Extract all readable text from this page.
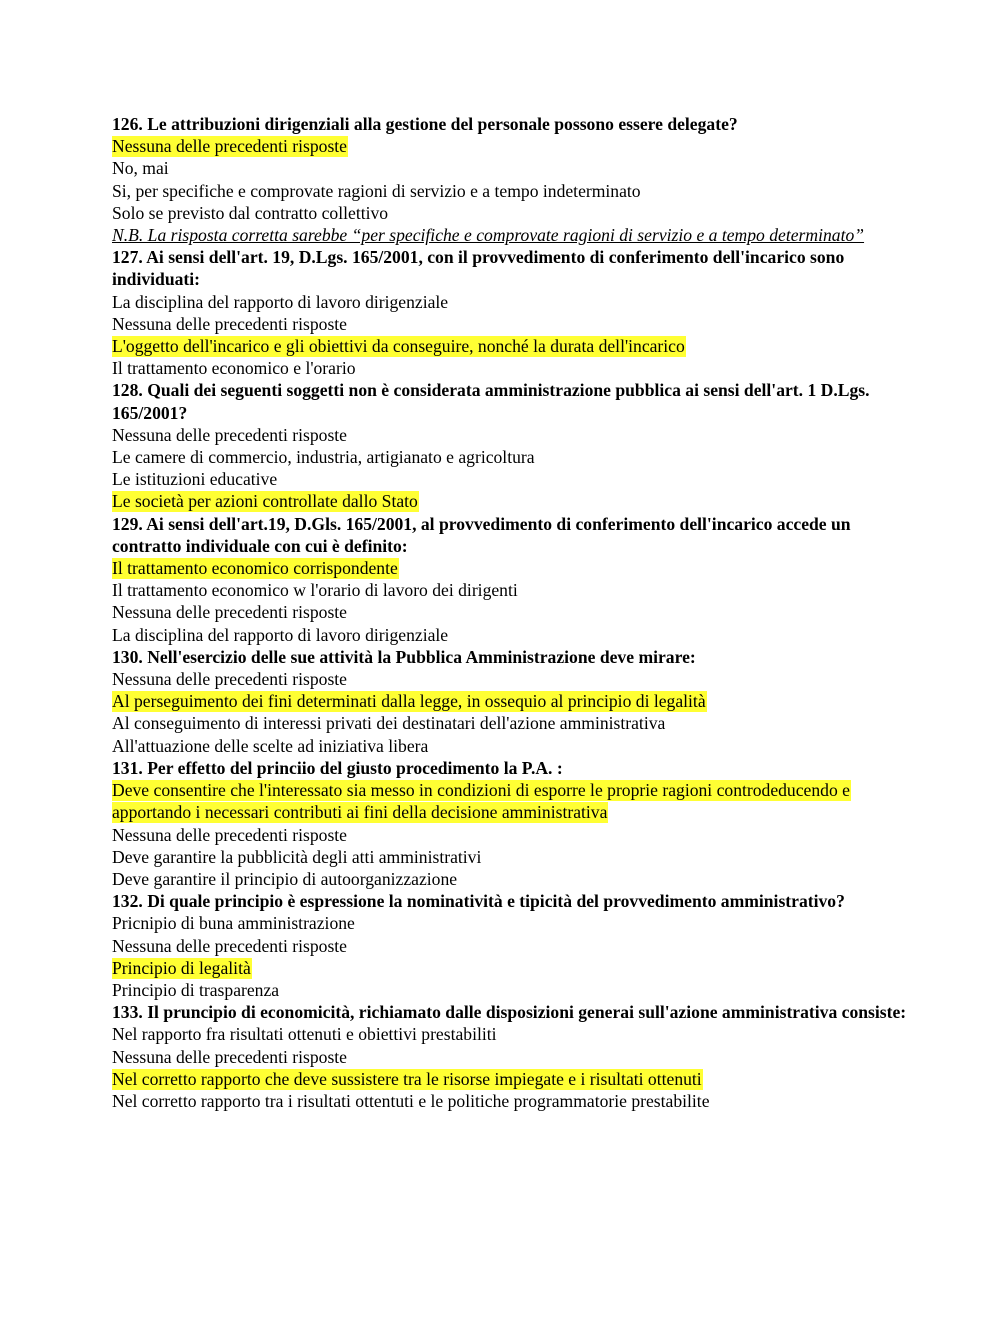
126. Le attribuzioni dirigenziali alla gestione del personale possono essere delegate?

Nessuna delle precedenti risposte

No, mai

Si, per specifiche e comprovate ragioni di servizio e a tempo indeterminato

Solo se previsto dal contratto collettivo

N.B. La risposta corretta sarebbe “per specifiche e comprovate ragioni di servizio e a tempo determinato”

127. Ai sensi dell'art. 19, D.Lgs. 165/2001, con il provvedimento di conferimento dell'incarico sono individuati:

La disciplina del rapporto di lavoro dirigenziale

Nessuna delle precedenti risposte

L'oggetto dell'incarico e gli obiettivi da conseguire, nonché la durata dell'incarico

Il trattamento economico e l'orario

128. Quali dei seguenti soggetti non è considerata amministrazione pubblica ai sensi dell'art. 1 D.Lgs. 165/2001?

Nessuna delle precedenti risposte

Le camere di commercio, industria, artigianato e agricoltura

Le istituzioni educative

Le società per azioni controllate dallo Stato

129. Ai sensi dell'art.19, D.Gls. 165/2001, al provvedimento di conferimento dell'incarico accede un contratto individuale con cui è definito:

Il trattamento economico corrispondente

Il trattamento economico w l'orario di lavoro dei dirigenti

Nessuna delle precedenti risposte

La disciplina del rapporto di lavoro dirigenziale

130. Nell'esercizio delle sue attività la Pubblica Amministrazione deve mirare:

Nessuna delle precedenti risposte

Al perseguimento dei fini determinati dalla legge, in ossequio al principio di legalità

Al conseguimento di interessi privati dei destinatari dell'azione amministrativa

All'attuazione delle scelte ad iniziativa libera

131. Per effetto del princiio del giusto procedimento la P.A. :

Deve consentire che l'interessato sia messo in condizioni di esporre le proprie ragioni controdeducendo e apportando i necessari contributi ai fini della decisione amministrativa

Nessuna delle precedenti risposte

Deve garantire la pubblicità degli atti amministrativi

Deve garantire il principio di autoorganizzazione

132. Di quale principio è espressione la nominatività e tipicità del provvedimento amministrativo?

Pricnipio di buna amministrazione

Nessuna delle precedenti risposte

Principio di legalità

Principio di trasparenza

133. Il pruncipio di economicità, richiamato dalle disposizioni generai sull'azione amministrativa consiste:

Nel rapporto fra risultati ottenuti e obiettivi prestabiliti

Nessuna delle precedenti risposte

Nel corretto rapporto che deve sussistere tra le risorse impiegate e i risultati ottenuti

Nel corretto rapporto tra i risultati ottentuti e le politiche programmatorie prestabilite
